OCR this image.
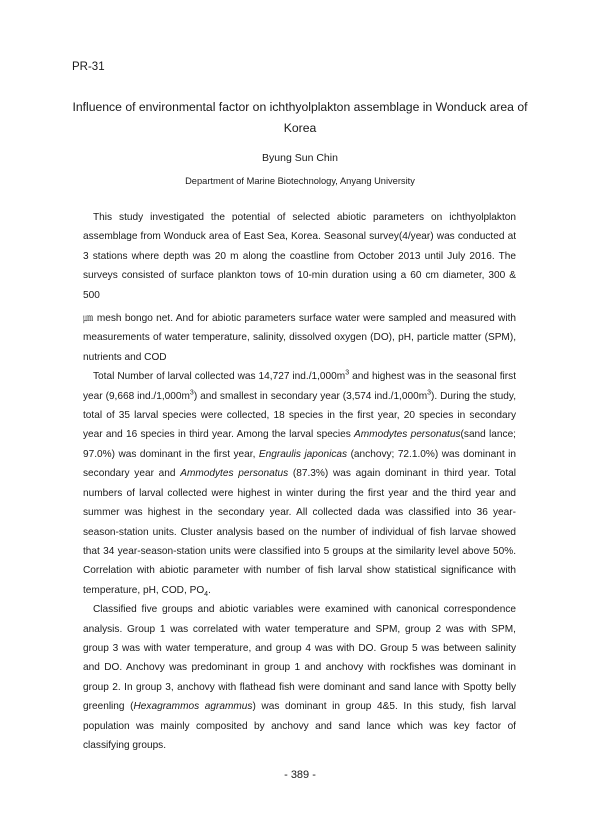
PR-31
Influence of environmental factor on ichthyolplakton assemblage in Wonduck area of Korea
Byung Sun Chin
Department of Marine Biotechnology, Anyang University

This study investigated the potential of selected abiotic parameters on ichthyolplakton assemblage from Wonduck area of East Sea, Korea. Seasonal survey(4/year) was conducted at 3 stations where depth was 20 m along the coastline from October 2013 until July 2016. The surveys consisted of surface plankton tows of 10-min duration using a 60 cm diameter, 300 & 500
㎛ mesh bongo net. And for abiotic parameters surface water were sampled and measured with measurements of water temperature, salinity, dissolved oxygen (DO), pH, particle matter (SPM), nutrients and COD

Total Number of larval collected was 14,727 $ind./1,000m^3$ and highest was in the seasonal first year (9,668 $ind./1,000m^3$) and smallest in secondary year (3,574 $ind./1,000m^3$). During the study, total of 35 larval species were collected, 18 species in the first year, 20 species in secondary year and 16 species in third year. Among the larval species Ammodytes personatus(sand lance; 97.0%) was dominant in the first year, Engraulis japonicas (anchovy; 72.1.0%) was dominant in secondary year and Ammodytes personatus (87.3%) was again dominant in third year. Total numbers of larval collected were highest in winter during the first year and the third year and summer was highest in the secondary year. All collected dada was classified into 36 year-season-station units. Cluster analysis based on the number of individual of fish larvae showed that 34 year-season-station units were classified into 5 groups at the similarity level above 50%. Correlation with abiotic parameter with number of fish larval show statistical significance with temperature, pH, COD, $PO_4$.

Classified five groups and abiotic variables were examined with canonical correspondence analysis. Group 1 was correlated with water temperature and SPM, group 2 was with SPM, group 3 was with water temperature, and group 4 was with DO. Group 5 was between salinity and DO. Anchovy was predominant in group 1 and anchovy with rockfishes was dominant in group 2. In group 3, anchovy with flathead fish were dominant and sand lance with Spotty belly greenling (Hexagrammos agrammus) was dominant in group 4&5. In this study, fish larval population was mainly composited by anchovy and sand lance which was key factor of classifying groups.

- 389 -
